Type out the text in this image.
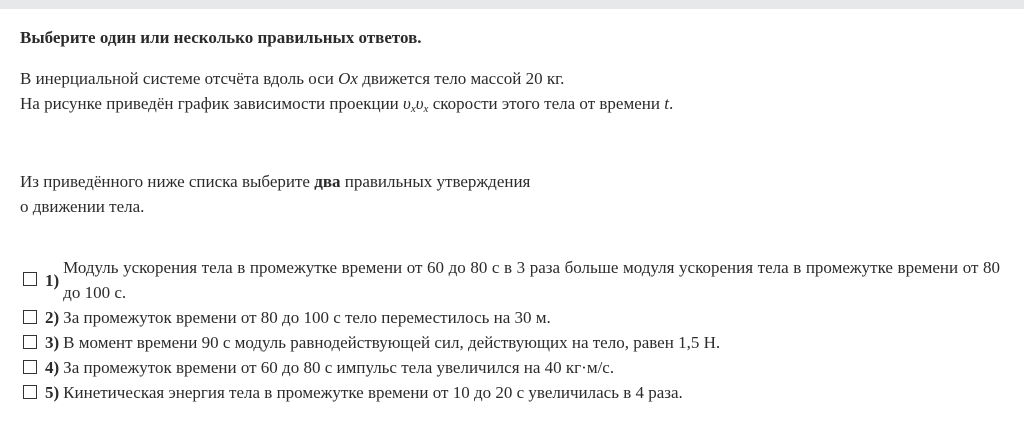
Выберите один или несколько правильных ответов.

В инерциальной системе отсчёта вдоль оси Ox движется тело массой 20 кг.
На рисунке приведён график зависимости проекции $\upsilon_x\upsilon_x$ скорости этого тела от времени t.

Из приведённого ниже списка выберите два правильных утверждения
о движении тела.

1)
Модуль ускорения тела в промежутке времени от 60 до 80 с в 3 раза больше модуля ускорения тела в промежутке времени от 80 до 100 с.
2) За промежуток времени от 80 до 100 с тело переместилось на 30 м.
3) В момент времени 90 с модуль равнодействующей сил, действующих на тело, равен 1,5 Н.
4) За промежуток времени от 60 до 80 с импульс тела увеличился на 40 кг·м/с.
5) Кинетическая энергия тела в промежутке времени от 10 до 20 с увеличилась в 4 раза.
